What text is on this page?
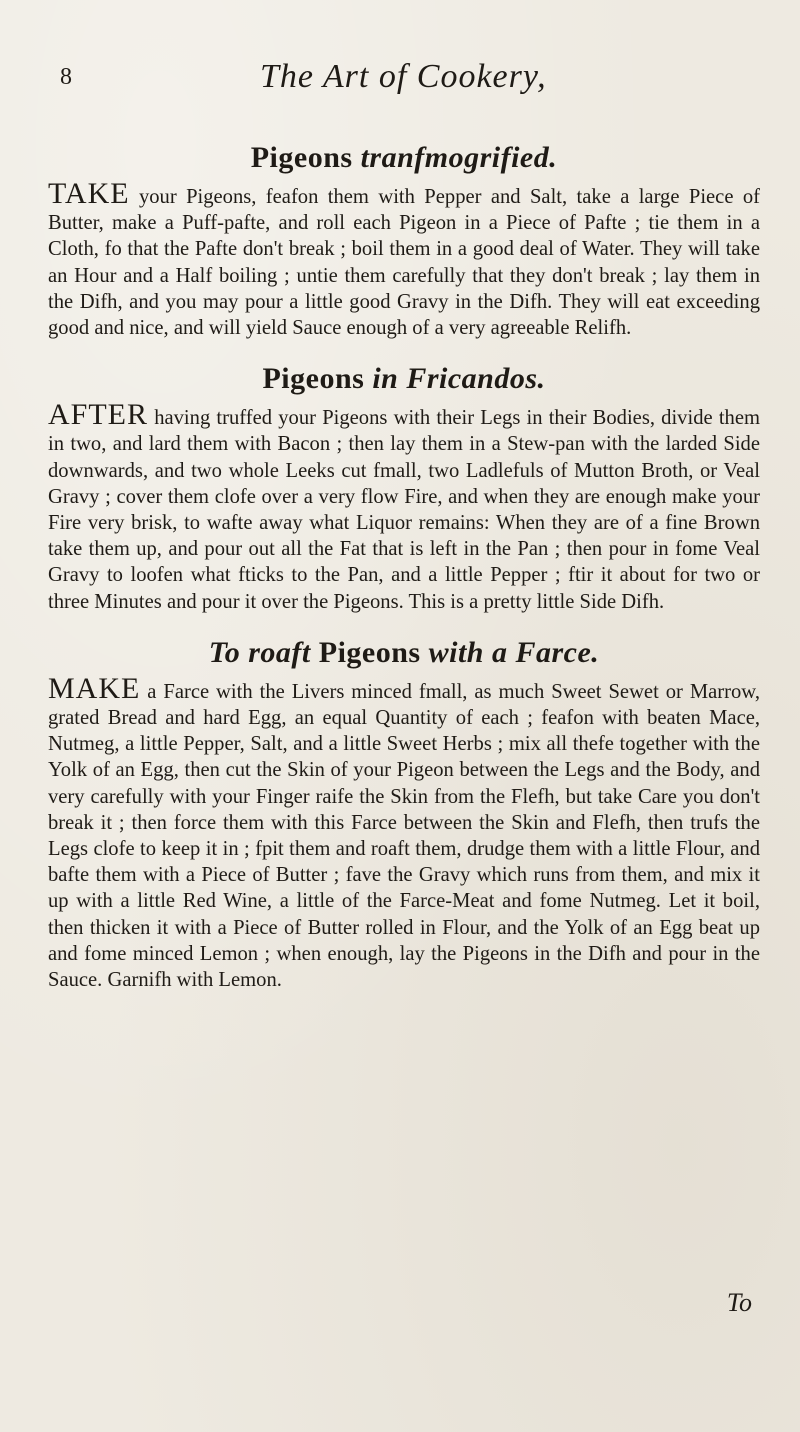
8	The Art of Cookery,
Pigeons tranfmogrified.

TAKE your Pigeons, feafon them with Pepper and Salt, take a large Piece of Butter, make a Puff-pafte, and roll each Pigeon in a Piece of Pafte ; tie them in a Cloth, fo that the Pafte don't break ; boil them in a good deal of Water. They will take an Hour and a Half boiling ; untie them carefully that they don't break ; lay them in the Difh, and you may pour a little good Gravy in the Difh. They will eat exceeding good and nice, and will yield Sauce enough of a very agreeable Relifh.

Pigeons in Fricandos.

AFTER having truffed your Pigeons with their Legs in their Bodies, divide them in two, and lard them with Bacon ; then lay them in a Stew-pan with the larded Side downwards, and two whole Leeks cut fmall, two Ladlefuls of Mutton Broth, or Veal Gravy ; cover them clofe over a very flow Fire, and when they are enough make your Fire very brisk, to wafte away what Liquor remains: When they are of a fine Brown take them up, and pour out all the Fat that is left in the Pan ; then pour in fome Veal Gravy to loofen what fticks to the Pan, and a little Pepper ; ftir it about for two or three Minutes and pour it over the Pigeons. This is a pretty little Side Difh.

To roaft Pigeons with a Farce.

MAKE a Farce with the Livers minced fmall, as much Sweet Sewet or Marrow, grated Bread and hard Egg, an equal Quantity of each ; feafon with beaten Mace, Nutmeg, a little Pepper, Salt, and a little Sweet Herbs ; mix all thefe together with the Yolk of an Egg, then cut the Skin of your Pigeon between the Legs and the Body, and very carefully with your Finger raife the Skin from the Flefh, but take Care you don't break it ; then force them with this Farce between the Skin and Flefh, then trufs the Legs clofe to keep it in ; fpit them and roaft them, drudge them with a little Flour, and bafte them with a Piece of Butter ; fave the Gravy which runs from them, and mix it up with a little Red Wine, a little of the Farce-Meat and fome Nutmeg. Let it boil, then thicken it with a Piece of Butter rolled in Flour, and the Yolk of an Egg beat up and fome minced Lemon ; when enough, lay the Pigeons in the Difh and pour in the Sauce. Garnifh with Lemon.

To
